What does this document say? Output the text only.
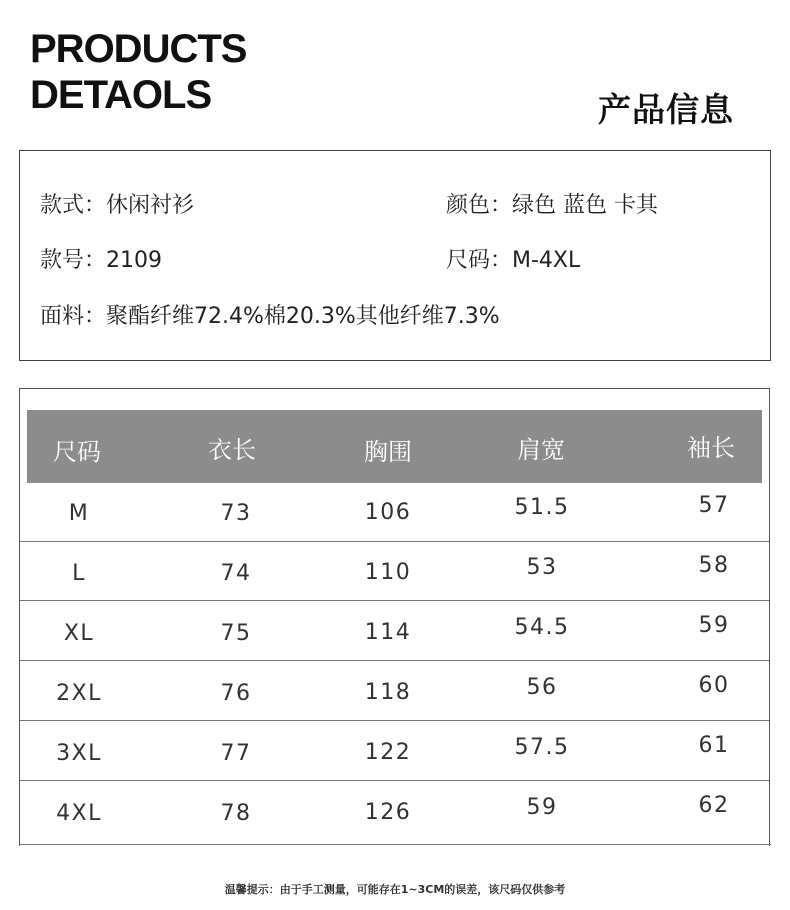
PRODUCTS
DETAOLS	产品信息
款式：休闲衬衫	颜色：绿色 蓝色 卡其
款号：2109	尺码：M-4XL
面料：聚酯纤维72.4%棉20.3%其他纤维7.3%
尺码	衣长	胸围	肩宽	袖长
M	73	106	51.5	57
L	74	110	53	58
XL	75	114	54.5	59
2XL	76	118	56	60
3XL	77	122	57.5	61
4XL	78	126	59	62
温馨提示：由于手工测量，可能存在1~3CM的误差，该尺码仅供参考
